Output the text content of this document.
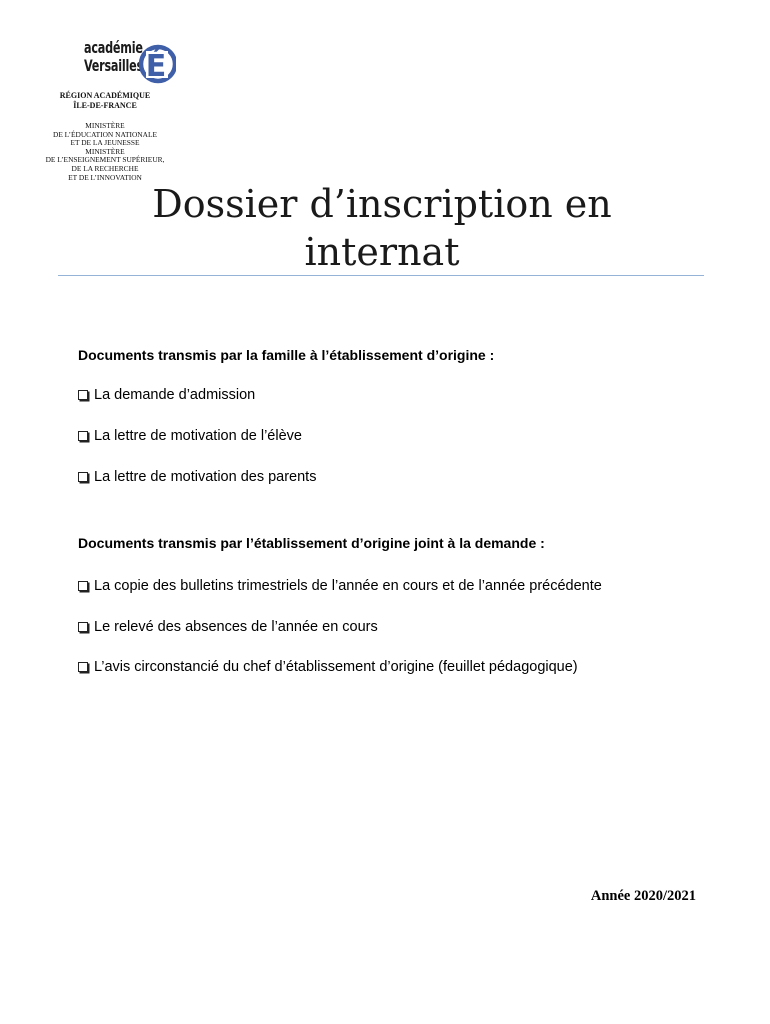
académie
Versailles É
RÉGION ACADÉMIQUE
ÎLE-DE-FRANCE
MINISTÈRE
DE L’ÉDUCATION NATIONALE
ET DE LA JEUNESSE
MINISTÈRE
DE L’ENSEIGNEMENT SUPÉRIEUR,
DE LA RECHERCHE
ET DE L’INNOVATION
Dossier d’inscription en
internat
Documents transmis par la famille à l’établissement d’origine :
La demande d’admission
La lettre de motivation de l’élève
La lettre de motivation des parents
Documents transmis par l’établissement d’origine joint à la demande :
La copie des bulletins trimestriels de l’année en cours et de l’année précédente
Le relevé des absences de l’année en cours
L’avis circonstancié du chef d’établissement d’origine (feuillet pédagogique)
Année 2020/2021
